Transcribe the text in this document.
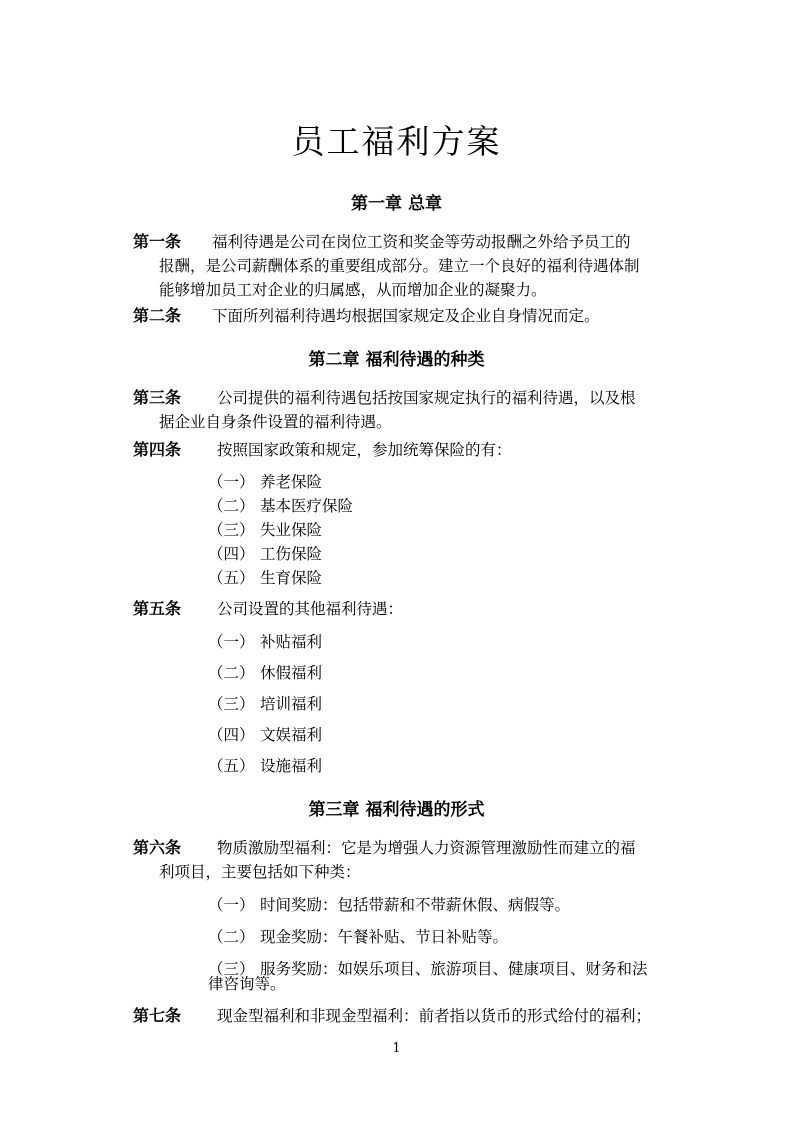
员工福利方案
第一章 总章
第一条 福利待遇是公司在岗位工资和奖金等劳动报酬之外给予员工的
报酬，是公司薪酬体系的重要组成部分。建立一个良好的福利待遇体制
能够增加员工对企业的归属感，从而增加企业的凝聚力。
第二条 下面所列福利待遇均根据国家规定及企业自身情况而定。
第二章 福利待遇的种类
第三条 公司提供的福利待遇包括按国家规定执行的福利待遇，以及根
据企业自身条件设置的福利待遇。
第四条 按照国家政策和规定，参加统筹保险的有：
（一） 养老保险
（二） 基本医疗保险
（三） 失业保险
（四） 工伤保险
（五） 生育保险
第五条 公司设置的其他福利待遇：
（一） 补贴福利
（二） 休假福利
（三） 培训福利
（四） 文娱福利
（五） 设施福利
第三章 福利待遇的形式
第六条 物质激励型福利：它是为增强人力资源管理激励性而建立的福
利项目，主要包括如下种类：
（一） 时间奖励：包括带薪和不带薪休假、病假等。
（二） 现金奖励：午餐补贴、节日补贴等。
（三） 服务奖励：如娱乐项目、旅游项目、健康项目、财务和法
律咨询等。
第七条 现金型福利和非现金型福利：前者指以货币的形式给付的福利；
1
